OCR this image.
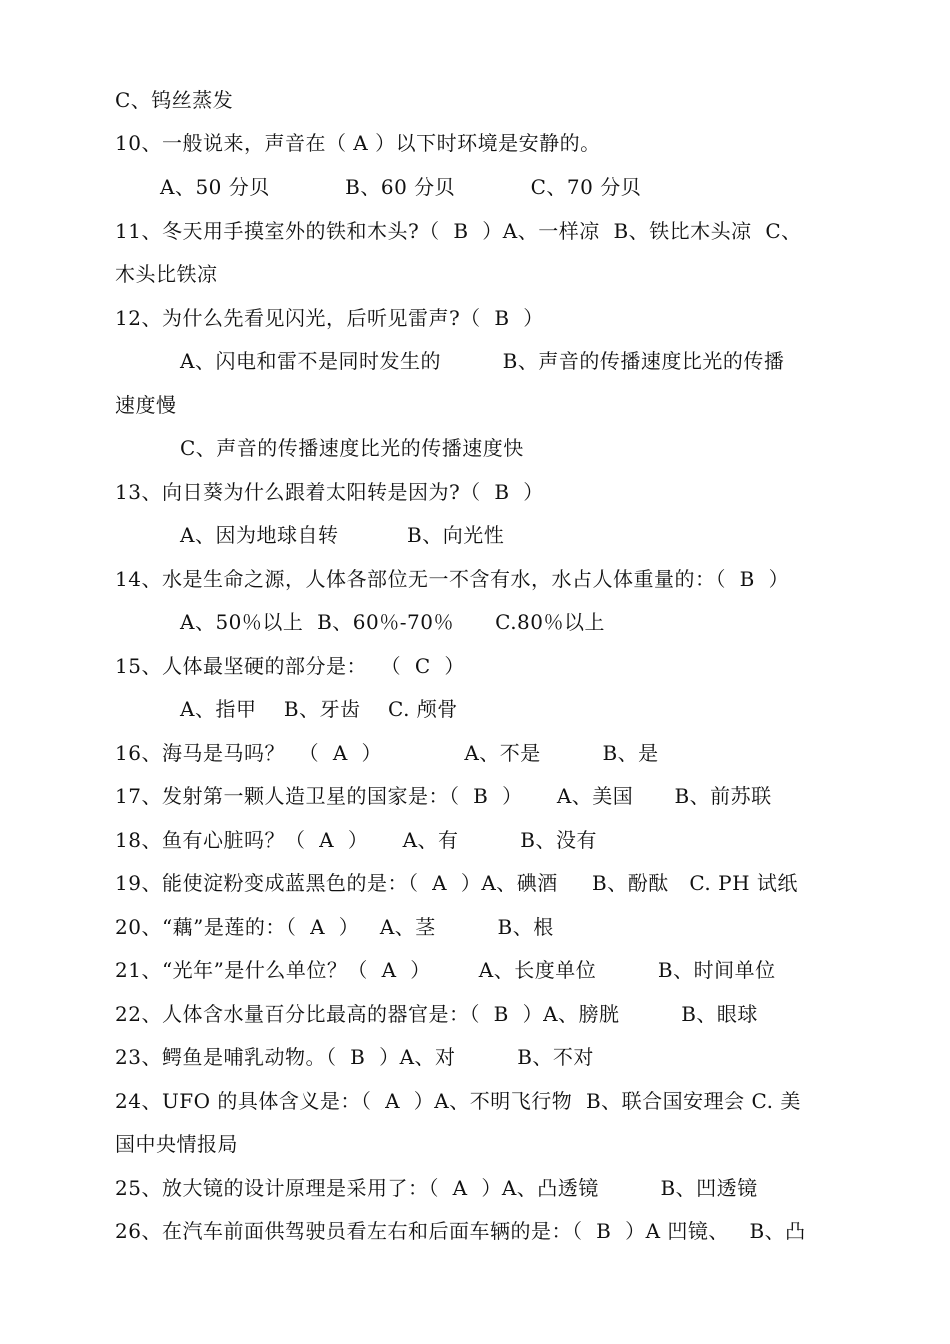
C、钨丝蒸发
10、一般说来，声音在（ A ）以下时环境是安静的。
A、50 分贝           B、60 分贝           C、70 分贝
11、冬天用手摸室外的铁和木头?（  B  ）A、一样凉  B、铁比木头凉  C、
木头比铁凉
12、为什么先看见闪光，后听见雷声?（  B  ）
A、闪电和雷不是同时发生的         B、声音的传播速度比光的传播
速度慢
C、声音的传播速度比光的传播速度快
13、向日葵为什么跟着太阳转是因为?（  B  ）
A、因为地球自转          B、向光性
14、水是生命之源，人体各部位无一不含有水，水占人体重量的：（  B  ）
A、50％以上  B、60％-70％      C.80％以上
15、人体最坚硬的部分是：  （  C  ）
A、指甲    B、牙齿    C. 颅骨
16、海马是马吗？  （  A  ）            A、不是         B、是
17、发射第一颗人造卫星的国家是：（  B  ）     A、美国      B、前苏联
18、鱼有心脏吗？（  A  ）     A、有         B、没有
19、能使淀粉变成蓝黑色的是：（  A  ）A、碘酒     B、酚酞   C. PH 试纸
20、“藕”是莲的：（  A  ）   A、茎         B、根
21、“光年”是什么单位？（  A  ）       A、长度单位         B、时间单位
22、人体含水量百分比最高的器官是：（  B  ）A、膀胱         B、眼球
23、鳄鱼是哺乳动物。（  B  ）A、对         B、不对
24、UFO 的具体含义是：（  A  ）A、不明飞行物  B、联合国安理会 C. 美
国中央情报局
25、放大镜的设计原理是采用了：（  A  ）A、凸透镜         B、凹透镜
26、在汽车前面供驾驶员看左右和后面车辆的是：（  B  ）A 凹镜、   B、凸
